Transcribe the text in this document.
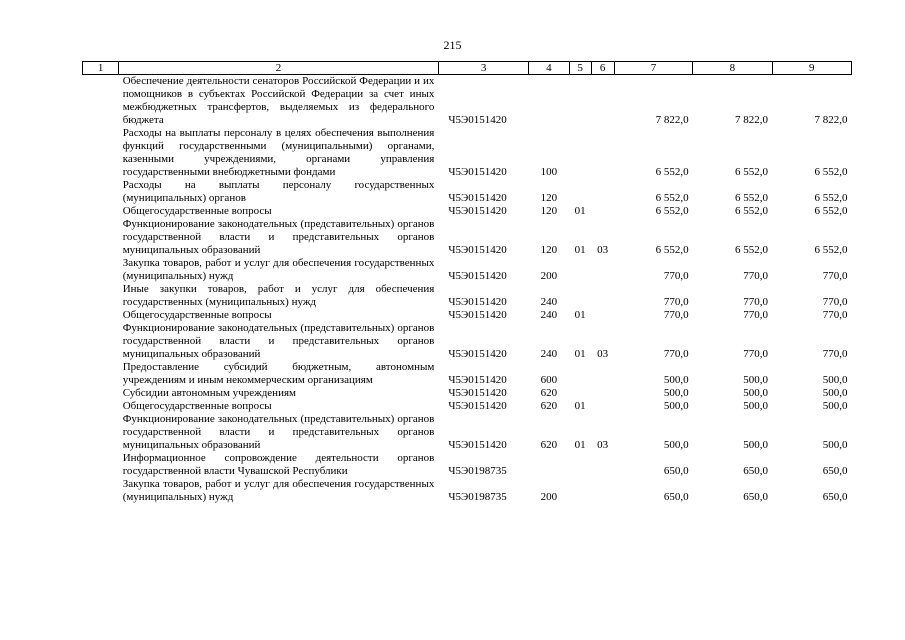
215
1	2	3	4	5	6	7	8	9
	Обеспечение деятельности сенаторов Российской Федерации и их помощников в субъектах Российской Федерации за счет иных межбюджетных трансфертов, выделяемых из федерального бюджета	Ч5Э0151420				7 822,0	7 822,0	7 822,0
	Расходы на выплаты персоналу в целях обеспечения выполнения функций государственными (муниципальными) органами, казенными учреждениями, органами управления государственными внебюджетными фондами	Ч5Э0151420	100			6 552,0	6 552,0	6 552,0
	Расходы на выплаты персоналу государственных (муниципальных) органов	Ч5Э0151420	120			6 552,0	6 552,0	6 552,0
	Общегосударственные вопросы	Ч5Э0151420	120	01		6 552,0	6 552,0	6 552,0
	Функционирование законодательных (представительных) органов государственной власти и представительных органов муниципальных образований	Ч5Э0151420	120	01	03	6 552,0	6 552,0	6 552,0
	Закупка товаров, работ и услуг для обеспечения государственных (муниципальных) нужд	Ч5Э0151420	200			770,0	770,0	770,0
	Иные закупки товаров, работ и услуг для обеспечения государственных (муниципальных) нужд	Ч5Э0151420	240			770,0	770,0	770,0
	Общегосударственные вопросы	Ч5Э0151420	240	01		770,0	770,0	770,0
	Функционирование законодательных (представительных) органов государственной власти и представительных органов муниципальных образований	Ч5Э0151420	240	01	03	770,0	770,0	770,0
	Предоставление субсидий бюджетным, автономным учреждениям и иным некоммерческим организациям	Ч5Э0151420	600			500,0	500,0	500,0
	Субсидии автономным учреждениям	Ч5Э0151420	620			500,0	500,0	500,0
	Общегосударственные вопросы	Ч5Э0151420	620	01		500,0	500,0	500,0
	Функционирование законодательных (представительных) органов государственной власти и представительных органов муниципальных образований	Ч5Э0151420	620	01	03	500,0	500,0	500,0
	Информационное сопровождение деятельности органов государственной власти Чувашской Республики	Ч5Э0198735				650,0	650,0	650,0
	Закупка товаров, работ и услуг для обеспечения государственных (муниципальных) нужд	Ч5Э0198735	200			650,0	650,0	650,0
